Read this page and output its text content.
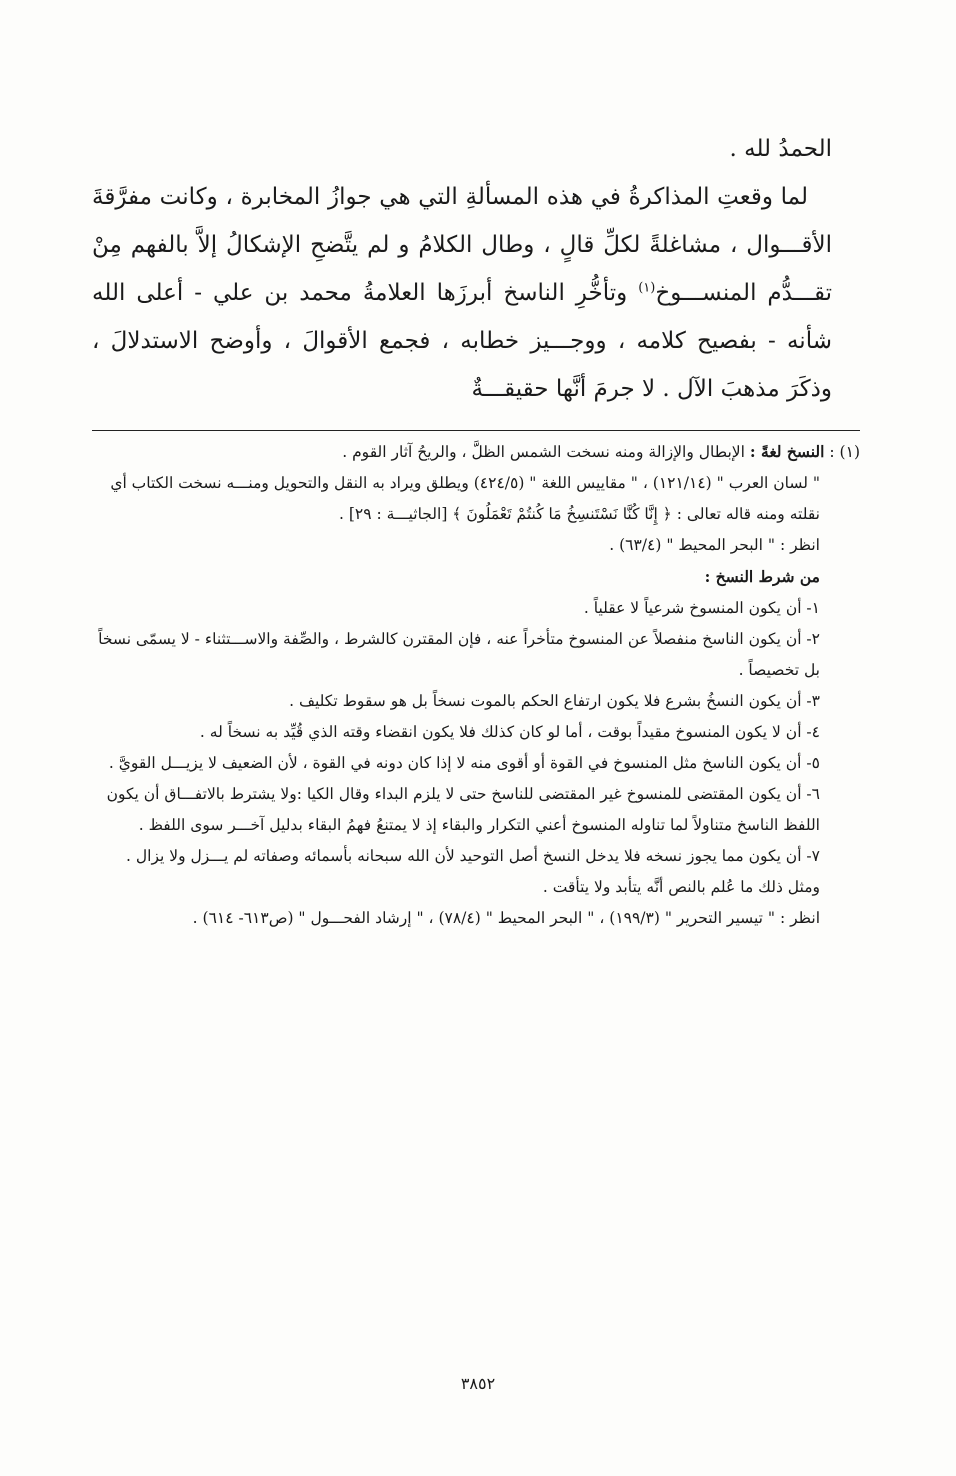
الحمدُ لله .

لما وقعتِ المذاكرةُ في هذه المسألةِ التي هي جوازُ المخابرة ، وكانت مفرَّقةَ الأقـــوال ، مشاغلةً لكلِّ قالٍ ، وطال الكلامُ و لم يتَّضحِ الإشكالُ إلاَّ بالفهم مِنْ تقـــدُّم المنســـوخ$^{(١)}$ وتأخُّرِ الناسخ أبرزَها العلامةُ محمد بن علي - أعلى الله شأنه - بفصيح كلامه ، ووجـــيز خطابه ، فجمع الأقوالَ ، وأوضح الاستدلالَ ، وذكَرَ مذهبَ الآل . لا جرمَ أنَّها حقيقـــةٌ

(١) : النسخ لغةً : الإبطال والإزالة ومنه نسخت الشمس الظلَّ ، والريحُ آثار القوم .

" لسان العرب " (١٢١/١٤) ، " مقاييس اللغة " (٤٢٤/٥) ويطلق ويراد به النقل والتحويل ومنـــه نسخت الكتاب أي نقلته ومنه قاله تعالى : ﴿ إِنَّا كُنَّا نَسْتَنسِخُ مَا كُنتُمْ تَعْمَلُونَ ﴾ [الجاثيـــة : ٢٩] .

انظر : " البحر المحيط " (٦٣/٤) .

من شرط النسخ :

١- أن يكون المنسوخ شرعياً لا عقلياً .

٢- أن يكون الناسخ منفصلاً عن المنسوخ متأخراً عنه ، فإن المقترن كالشرط ، والصِّفة والاســـتثناء - لا يسمّى نسخاً بل تخصيصاً .

٣- أن يكون النسخُ بشرع فلا يكون ارتفاع الحكم بالموت نسخاً بل هو سقوط تكليف .

٤- أن لا يكون المنسوخ مقيداً بوقت ، أما لو كان كذلك فلا يكون انقضاء وقته الذي قُيِّد به نسخاً له .

٥- أن يكون الناسخ مثل المنسوخ في القوة أو أقوى منه لا إذا كان دونه في القوة ، لأن الضعيف لا يزيـــل القويَّ .

٦- أن يكون المقتضى للمنسوخ غير المقتضى للناسخ حتى لا يلزم البداء وقال الكيا :ولا يشترط بالاتفـــاق أن يكون اللفظ الناسخ متناولاً لما تناوله المنسوخ أعني التكرار والبقاء إذ لا يمتنعُ فهمُ البقاء بدليل آخـــر سوى اللفظ .

٧- أن يكون مما يجوز نسخه فلا يدخل النسخ أصل التوحيد لأن الله سبحانه بأسمائه وصفاته لم يـــزل ولا يزال . ومثل ذلك ما عُلم بالنص أنَّه يتأبد ولا يتأقت .

انظر : " تيسير التحرير " (١٩٩/٣) ، " البحر المحيط " (٧٨/٤) ، " إرشاد الفحـــول " (ص٦١٣- ٦١٤) .

٣٨٥٢
